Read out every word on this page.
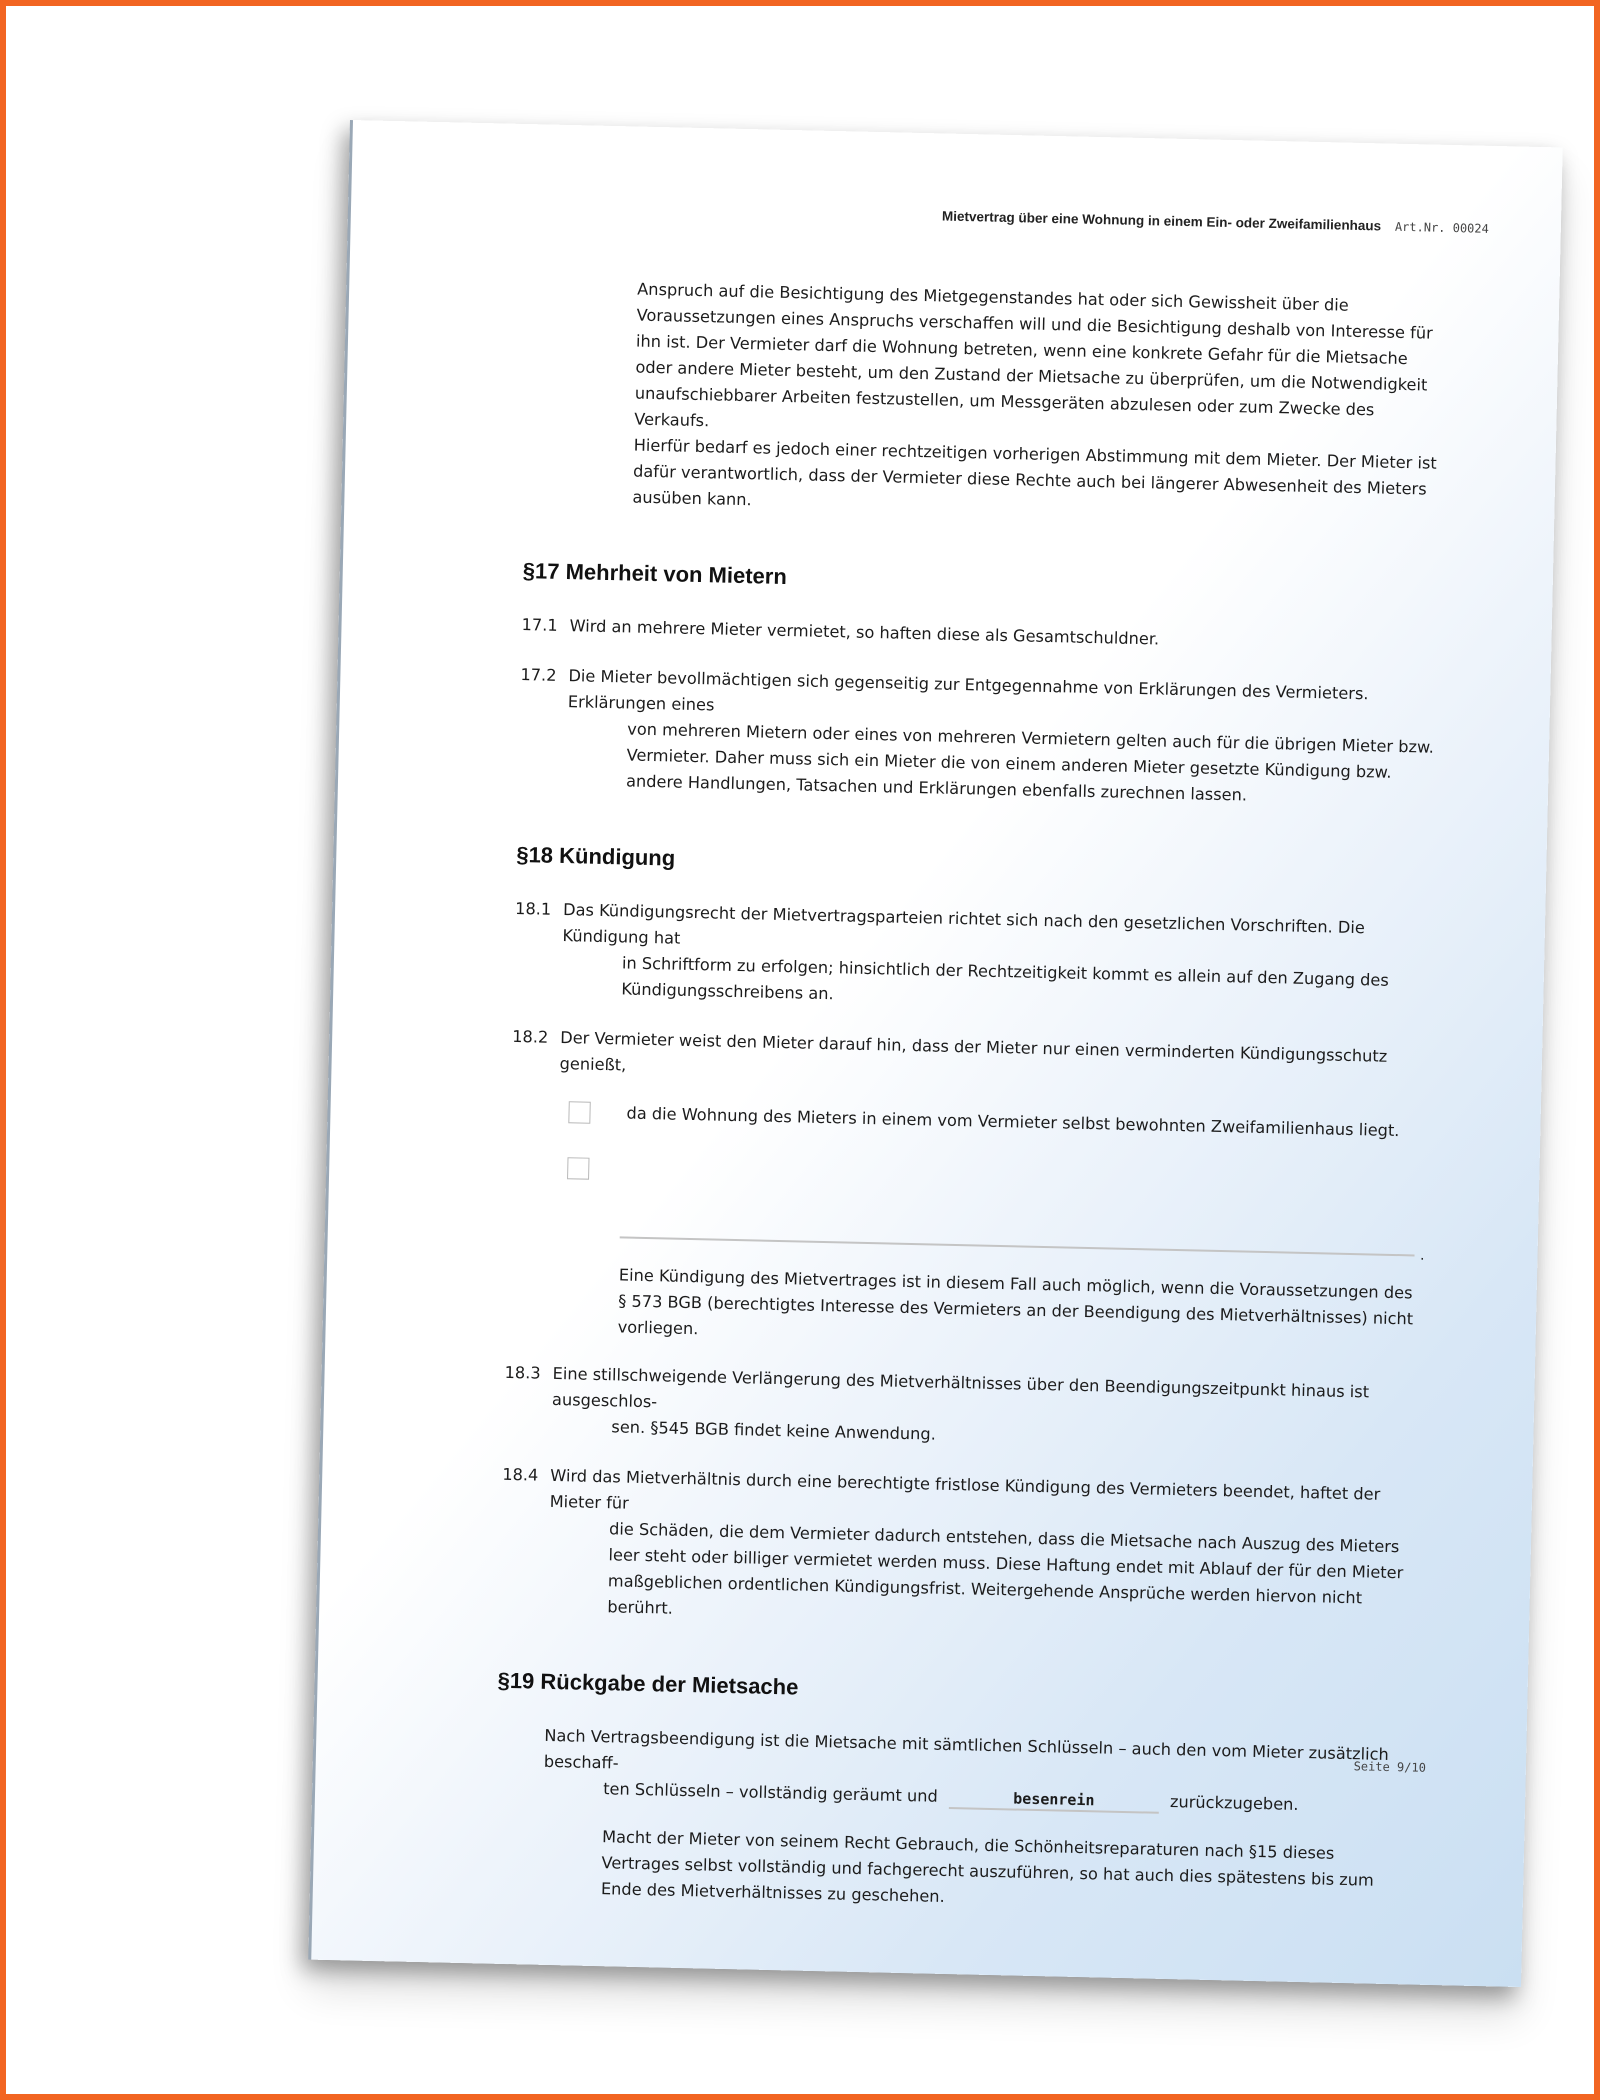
Mietvertrag über eine Wohnung in einem Ein- oder Zweifamilienhaus Art.Nr. 00024

Anspruch auf die Besichtigung des Mietgegenstandes hat oder sich Gewissheit über die Voraussetzungen eines Anspruchs verschaffen will und die Besichtigung deshalb von Interesse für ihn ist. Der Vermieter darf die Wohnung betreten, wenn eine konkrete Gefahr für die Mietsache oder andere Mieter besteht, um den Zustand der Mietsache zu überprüfen, um die Notwendigkeit unaufschiebbarer Arbeiten festzustellen, um Messgeräten abzulesen oder zum Zwecke des Verkaufs.

Hierfür bedarf es jedoch einer rechtzeitigen vorherigen Abstimmung mit dem Mieter. Der Mieter ist dafür verantwortlich, dass der Vermieter diese Rechte auch bei längerer Abwesenheit des Mieters ausüben kann.

§17 Mehrheit von Mietern
17.1 Wird an mehrere Mieter vermietet, so haften diese als Gesamtschuldner.
17.2 Die Mieter bevollmächtigen sich gegenseitig zur Entgegennahme von Erklärungen des Vermieters. Erklärungen eines
von mehreren Mietern oder eines von mehreren Vermietern gelten auch für die übrigen Mieter bzw. Vermieter. Daher muss sich ein Mieter die von einem anderen Mieter gesetzte Kündigung bzw. andere Handlungen, Tatsachen und Erklärungen ebenfalls zurechnen lassen.
§18 Kündigung
18.1 Das Kündigungsrecht der Mietvertragsparteien richtet sich nach den gesetzlichen Vorschriften. Die Kündigung hat
in Schriftform zu erfolgen; hinsichtlich der Rechtzeitigkeit kommt es allein auf den Zugang des Kündigungsschreibens an.
18.2 Der Vermieter weist den Mieter darauf hin, dass der Mieter nur einen verminderten Kündigungsschutz genießt,
da die Wohnung des Mieters in einem vom Vermieter selbst bewohnten Zweifamilienhaus liegt.
.

Eine Kündigung des Mietvertrages ist in diesem Fall auch möglich, wenn die Voraussetzungen des § 573 BGB (berechtigtes Interesse des Vermieters an der Beendigung des Mietverhältnisses) nicht vorliegen.

18.3 Eine stillschweigende Verlängerung des Mietverhältnisses über den Beendigungszeitpunkt hinaus ist ausgeschlos-
sen. §545 BGB findet keine Anwendung.
18.4 Wird das Mietverhältnis durch eine berechtigte fristlose Kündigung des Vermieters beendet, haftet der Mieter für
die Schäden, die dem Vermieter dadurch entstehen, dass die Mietsache nach Auszug des Mieters leer steht oder billiger vermietet werden muss. Diese Haftung endet mit Ablauf der für den Mieter maßgeblichen ordentlichen Kündigungsfrist. Weitergehende Ansprüche werden hiervon nicht berührt.
§19 Rückgabe der Mietsache
Nach Vertragsbeendigung ist die Mietsache mit sämtlichen Schlüsseln – auch den vom Mieter zusätzlich beschaff-
ten Schlüsseln – vollständig geräumt und	besenrein	zurückzugeben.

Macht der Mieter von seinem Recht Gebrauch, die Schönheitsreparaturen nach §15 dieses Vertrages selbst vollständig und fachgerecht auszuführen, so hat auch dies spätestens bis zum Ende des Mietverhältnisses zu geschehen.

Seite 9/10
